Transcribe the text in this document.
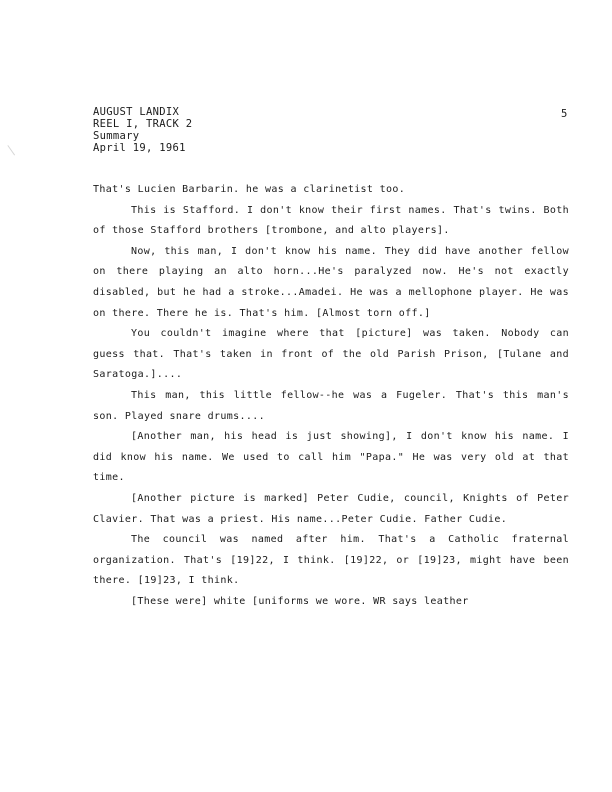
AUGUST LANDIX
REEL I, TRACK 2
Summary
April 19, 1961
5

That's Lucien Barbarin. he was a clarinetist too.

This is Stafford. I don't know their first names. That's twins. Both of those Stafford brothers [trombone, and alto players].

Now, this man, I don't know his name. They did have another fellow on there playing an alto horn...He's paralyzed now. He's not exactly disabled, but he had a stroke...Amadei. He was a mellophone player. He was on there. There he is. That's him. [Almost torn off.]

You couldn't imagine where that [picture] was taken. Nobody can guess that. That's taken in front of the old Parish Prison, [Tulane and Saratoga.]....

This man, this little fellow--he was a Fugeler. That's this man's son. Played snare drums....

[Another man, his head is just showing], I don't know his name. I did know his name. We used to call him "Papa." He was very old at that time.

[Another picture is marked] Peter Cudie, council, Knights of Peter Clavier. That was a priest. His name...Peter Cudie. Father Cudie.

The council was named after him. That's a Catholic fraternal organization. That's [19]22, I think. [19]22, or [19]23, might have been there. [19]23, I think.

[These were] white [uniforms we wore. WR says leather
